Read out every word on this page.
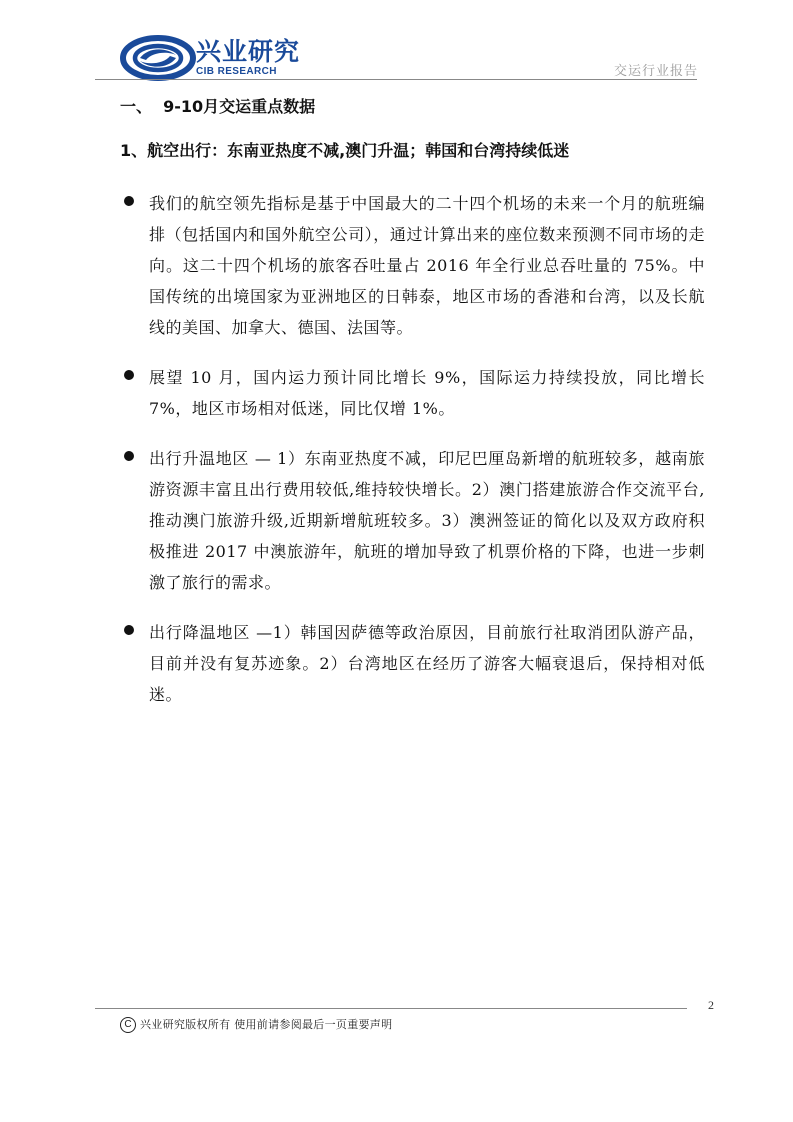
兴业研究
CIB RESEARCH	交运行业报告
一、  9-10月交运重点数据
1、航空出行：东南亚热度不减,澳门升温；韩国和台湾持续低迷
我们的航空领先指标是基于中国最大的二十四个机场的未来一个月的航班编排（包括国内和国外航空公司），通过计算出来的座位数来预测不同市场的走向。这二十四个机场的旅客吞吐量占 2016 年全行业总吞吐量的 75%。中国传统的出境国家为亚洲地区的日韩泰，地区市场的香港和台湾，以及长航线的美国、加拿大、德国、法国等。
展望 10 月，国内运力预计同比增长 9%，国际运力持续投放，同比增长 7%，地区市场相对低迷，同比仅增 1%。
出行升温地区 — 1）东南亚热度不减，印尼巴厘岛新增的航班较多，越南旅游资源丰富且出行费用较低,维持较快增长。2）澳门搭建旅游合作交流平台,推动澳门旅游升级,近期新增航班较多。3）澳洲签证的简化以及双方政府积极推进 2017 中澳旅游年，航班的增加导致了机票价格的下降，也进一步刺激了旅行的需求。
出行降温地区 —1）韩国因萨德等政治原因，目前旅行社取消团队游产品，目前并没有复苏迹象。2）台湾地区在经历了游客大幅衰退后，保持相对低迷。
2
C 兴业研究版权所有 使用前请参阅最后一页重要声明
